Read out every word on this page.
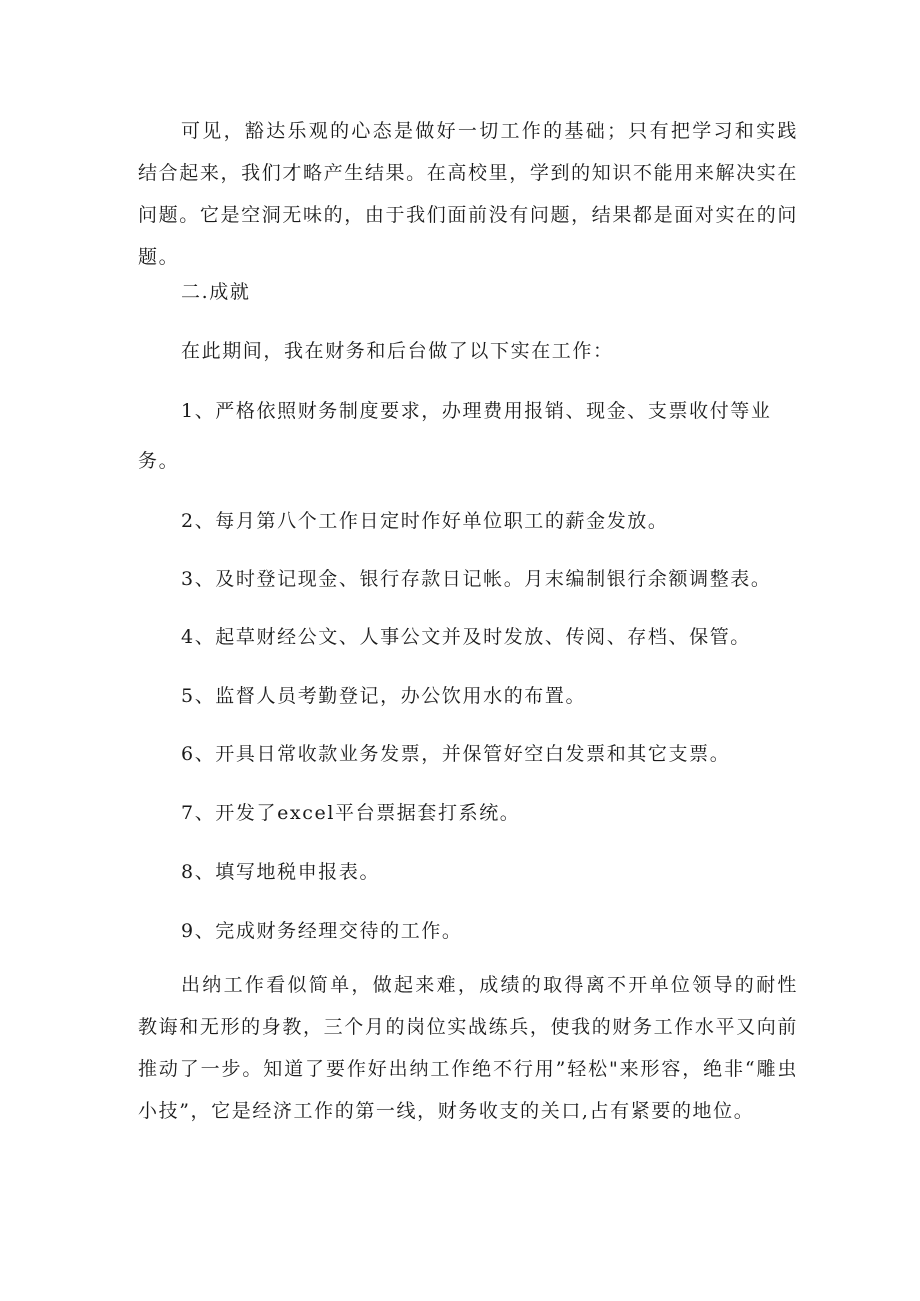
可见，豁达乐观的心态是做好一切工作的基础；只有把学习和实践结合起来，我们才略产生结果。在高校里，学到的知识不能用来解决实在问题。它是空洞无味的，由于我们面前没有问题，结果都是面对实在的问题。

二.成就

在此期间，我在财务和后台做了以下实在工作：

1、严格依照财务制度要求，办理费用报销、现金、支票收付等业务。

2、每月第八个工作日定时作好单位职工的薪金发放。

3、及时登记现金、银行存款日记帐。月末编制银行余额调整表。

4、起草财经公文、人事公文并及时发放、传阅、存档、保管。

5、监督人员考勤登记，办公饮用水的布置。

6、开具日常收款业务发票，并保管好空白发票和其它支票。

7、开发了excel平台票据套打系统。

8、填写地税申报表。

9、完成财务经理交待的工作。

出纳工作看似简单，做起来难，成绩的取得离不开单位领导的耐性教诲和无形的身教，三个月的岗位实战练兵，使我的财务工作水平又向前推动了一步。知道了要作好出纳工作绝不行用”轻松"来形容，绝非“雕虫小技”，它是经济工作的第一线，财务收支的关口,占有紧要的地位。
